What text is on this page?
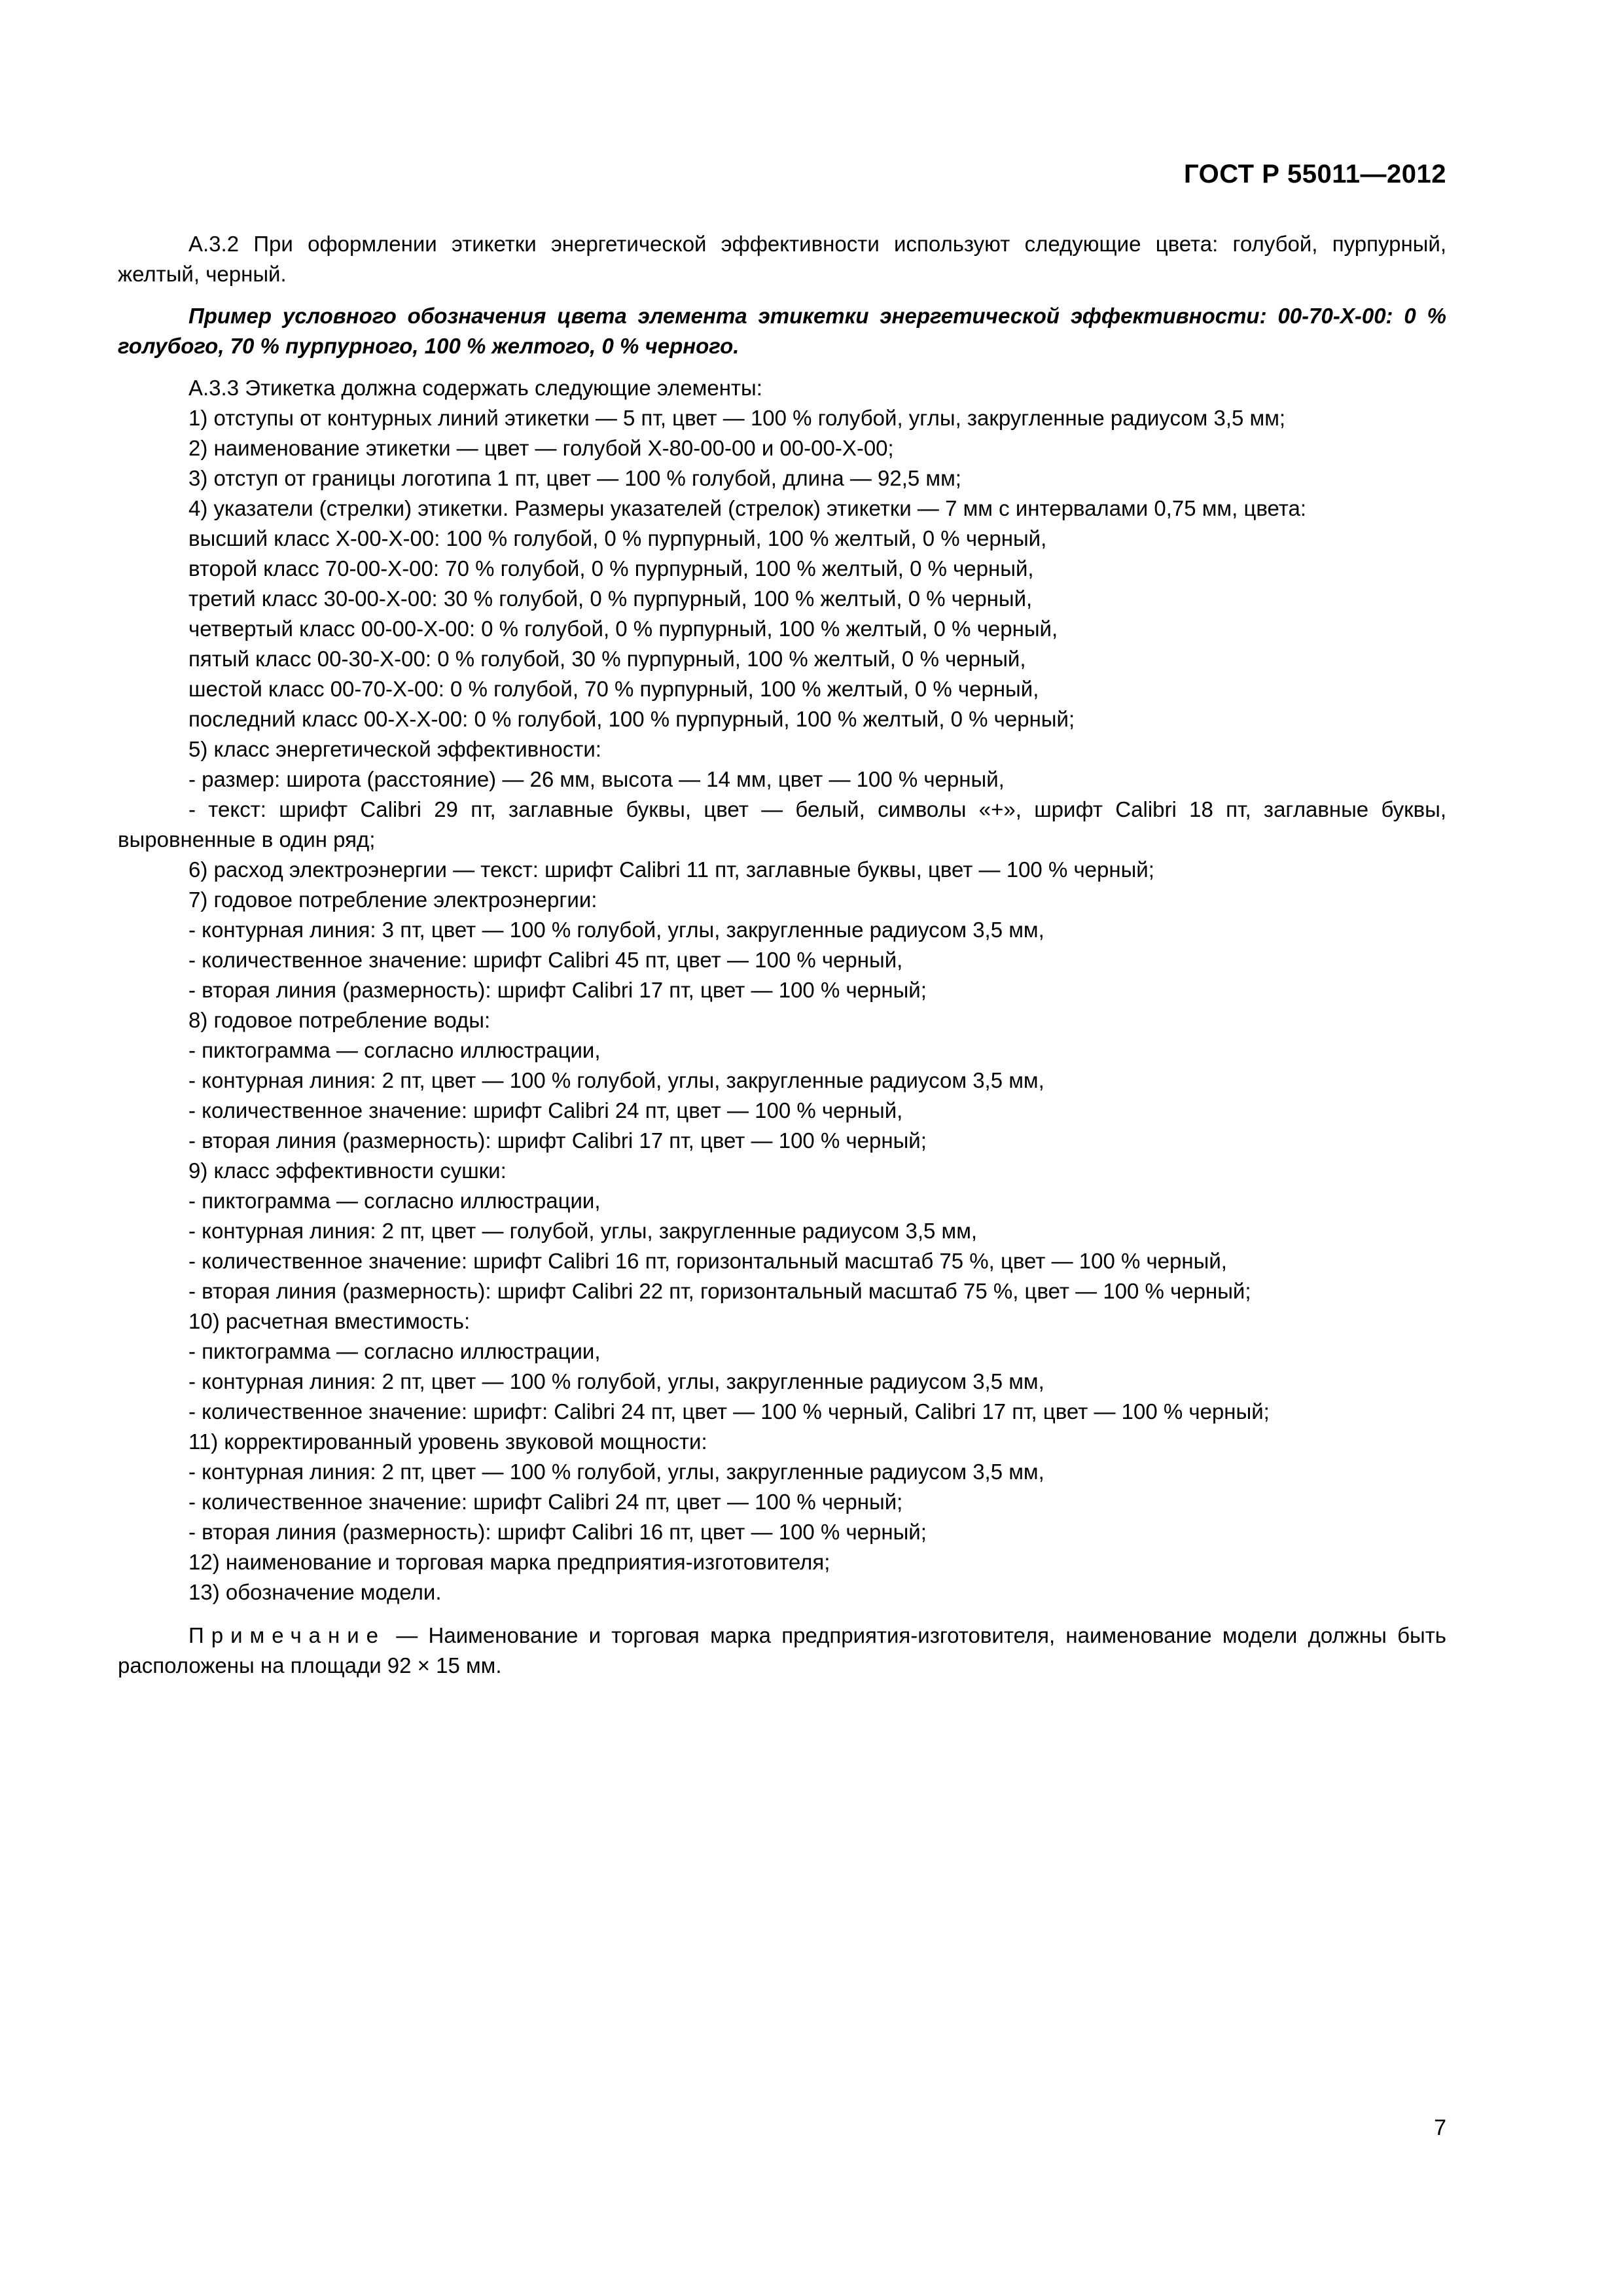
ГОСТ Р 55011—2012

А.3.2 При оформлении этикетки энергетической эффективности используют следующие цвета: голубой, пурпурный, желтый, черный.

Пример условного обозначения цвета элемента этикетки энергетической эффективности: 00-70-Х-00: 0 % голубого, 70 % пурпурного, 100 % желтого, 0 % черного.

А.3.3 Этикетка должна содержать следующие элементы:

1) отступы от контурных линий этикетки — 5 пт, цвет — 100 % голубой, углы, закругленные радиусом 3,5 мм;

2) наименование этикетки — цвет — голубой Х-80-00-00 и 00-00-Х-00;

3) отступ от границы логотипа 1 пт, цвет — 100 % голубой, длина — 92,5 мм;

4) указатели (стрелки) этикетки. Размеры указателей (стрелок) этикетки — 7 мм с интервалами 0,75 мм, цвета:

высший класс Х-00-Х-00: 100 % голубой, 0 % пурпурный, 100 % желтый, 0 % черный,

второй класс 70-00-Х-00: 70 % голубой, 0 % пурпурный, 100 % желтый, 0 % черный,

третий класс 30-00-Х-00: 30 % голубой, 0 % пурпурный, 100 % желтый, 0 % черный,

четвертый класс 00-00-Х-00: 0 % голубой, 0 % пурпурный, 100 % желтый, 0 % черный,

пятый класс 00-30-Х-00: 0 % голубой, 30 % пурпурный, 100 % желтый, 0 % черный,

шестой класс 00-70-Х-00: 0 % голубой, 70 % пурпурный, 100 % желтый, 0 % черный,

последний класс 00-Х-Х-00: 0 % голубой, 100 % пурпурный, 100 % желтый, 0 % черный;

5) класс энергетической эффективности:

- размер: широта (расстояние) — 26 мм, высота — 14 мм, цвет — 100 % черный,

- текст: шрифт Calibri 29 пт, заглавные буквы, цвет — белый, символы «+», шрифт Calibri 18 пт, заглавные буквы, выровненные в один ряд;

6) расход электроэнергии — текст: шрифт Calibri 11 пт, заглавные буквы, цвет — 100 % черный;

7) годовое потребление электроэнергии:

- контурная линия: 3 пт, цвет — 100 % голубой, углы, закругленные радиусом 3,5 мм,

- количественное значение: шрифт Calibri 45 пт, цвет — 100 % черный,

- вторая линия (размерность): шрифт Calibri 17 пт, цвет — 100 % черный;

8) годовое потребление воды:

- пиктограмма — согласно иллюстрации,

- контурная линия: 2 пт, цвет — 100 % голубой, углы, закругленные радиусом 3,5 мм,

- количественное значение: шрифт Calibri 24 пт, цвет — 100 % черный,

- вторая линия (размерность): шрифт Calibri 17 пт, цвет — 100 % черный;

9) класс эффективности сушки:

- пиктограмма — согласно иллюстрации,

- контурная линия: 2 пт, цвет — голубой, углы, закругленные радиусом 3,5 мм,

- количественное значение: шрифт Calibri 16 пт, горизонтальный масштаб 75 %, цвет — 100 % черный,

- вторая линия (размерность): шрифт Calibri 22 пт, горизонтальный масштаб 75 %, цвет — 100 % черный;

10) расчетная вместимость:

- пиктограмма — согласно иллюстрации,

- контурная линия: 2 пт, цвет — 100 % голубой, углы, закругленные радиусом 3,5 мм,

- количественное значение: шрифт: Calibri 24 пт, цвет — 100 % черный, Calibri 17 пт, цвет — 100 % черный;

11) корректированный уровень звуковой мощности:

- контурная линия: 2 пт, цвет — 100 % голубой, углы, закругленные радиусом 3,5 мм,

- количественное значение: шрифт Calibri 24 пт, цвет — 100 % черный;

- вторая линия (размерность): шрифт Calibri 16 пт, цвет — 100 % черный;

12) наименование и торговая марка предприятия-изготовителя;

13) обозначение модели.

Примечание — Наименование и торговая марка предприятия-изготовителя, наименование модели должны быть расположены на площади 92 × 15 мм.

7
